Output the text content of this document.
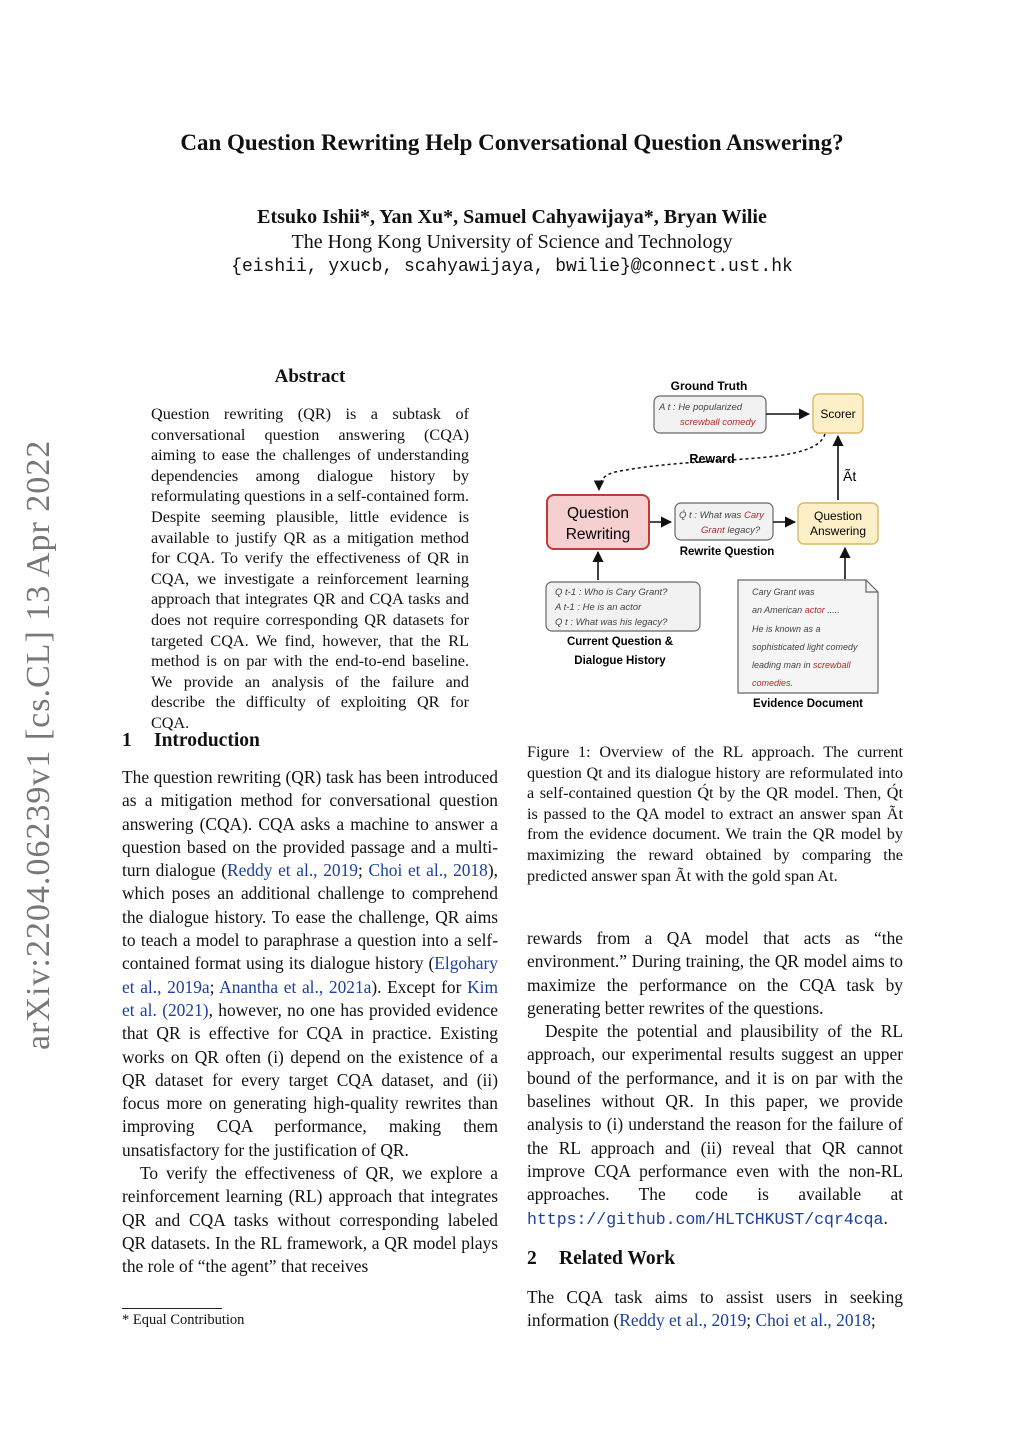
Can Question Rewriting Help Conversational Question Answering?
Etsuko Ishii*, Yan Xu*, Samuel Cahyawijaya*, Bryan Wilie
The Hong Kong University of Science and Technology
{eishii, yxucb, scahyawijaya, bwilie}@connect.ust.hk
arXiv:2204.06239v1 [cs.CL] 13 Apr 2022
Abstract
Question rewriting (QR) is a subtask of conversational question answering (CQA) aiming to ease the challenges of understanding dependencies among dialogue history by reformulating questions in a self-contained form. Despite seeming plausible, little evidence is available to justify QR as a mitigation method for CQA. To verify the effectiveness of QR in CQA, we investigate a reinforcement learning approach that integrates QR and CQA tasks and does not require corresponding QR datasets for targeted CQA. We find, however, that the RL method is on par with the end-to-end baseline. We provide an analysis of the failure and describe the difficulty of exploiting QR for CQA.
1 Introduction

The question rewriting (QR) task has been introduced as a mitigation method for conversational question answering (CQA). CQA asks a machine to answer a question based on the provided passage and a multi-turn dialogue (Reddy et al., 2019; Choi et al., 2018), which poses an additional challenge to comprehend the dialogue history. To ease the challenge, QR aims to teach a model to paraphrase a question into a self-contained format using its dialogue history (Elgohary et al., 2019a; Anantha et al., 2021a). Except for Kim et al. (2021), however, no one has provided evidence that QR is effective for CQA in practice. Existing works on QR often (i) depend on the existence of a QR dataset for every target CQA dataset, and (ii) focus more on generating high-quality rewrites than improving CQA performance, making them unsatisfactory for the justification of QR.

To verify the effectiveness of QR, we explore a reinforcement learning (RL) approach that integrates QR and CQA tasks without corresponding labeled QR datasets. In the RL framework, a QR model plays the role of “the agent” that receives

* Equal Contribution
Ground Truth
A t : He popularized
screwball comedy
Scorer
Reward
Ãt
Question
Rewriting
Q́ t : What was Cary
Grant legacy?
Rewrite Question
Question
Answering
Q t-1 : Who is Cary Grant?
A t-1 : He is an actor
Q t : What was his legacy?
Current Question &
Dialogue History
Cary Grant was
an American actor .....
He is known as a
sophisticated light comedy
leading man in screwball
comedies.
Evidence Document
Figure 1: Overview of the RL approach. The current question Qt and its dialogue history are reformulated into a self-contained question Q́t by the QR model. Then, Q́t is passed to the QA model to extract an answer span Ãt from the evidence document. We train the QR model by maximizing the reward obtained by comparing the predicted answer span Ãt with the gold span At.

rewards from a QA model that acts as “the environment.” During training, the QR model aims to maximize the performance on the CQA task by generating better rewrites of the questions.

Despite the potential and plausibility of the RL approach, our experimental results suggest an upper bound of the performance, and it is on par with the baselines without QR. In this paper, we provide analysis to (i) understand the reason for the failure of the RL approach and (ii) reveal that QR cannot improve CQA performance even with the non-RL approaches. The code is available at https://github.com/HLTCHKUST/cqr4cqa.

2 Related Work

The CQA task aims to assist users in seeking information (Reddy et al., 2019; Choi et al., 2018;
